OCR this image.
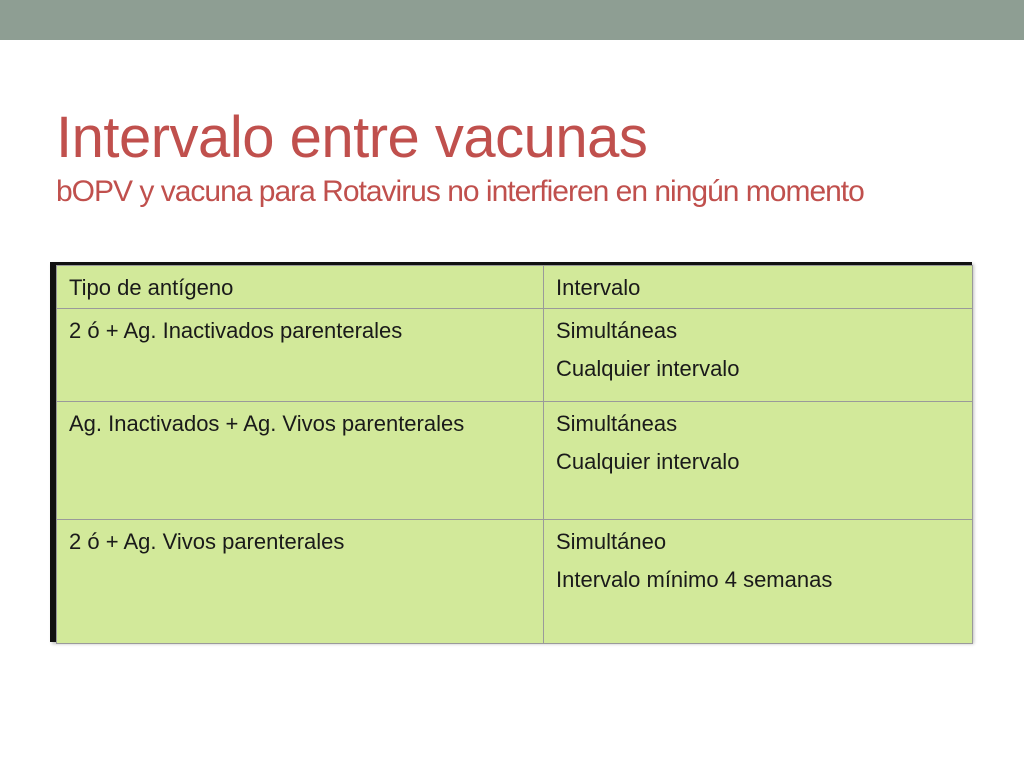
Intervalo entre vacunas
bOPV y vacuna para Rotavirus no interfieren en ningún momento
Tipo de antígeno	Intervalo
2 ó + Ag. Inactivados parenterales	Simultáneas
Cualquier intervalo

Ag. Inactivados + Ag. Vivos parenterales	Simultáneas
Cualquier intervalo

2 ó + Ag. Vivos parenterales	Simultáneo
Intervalo mínimo 4 semanas
